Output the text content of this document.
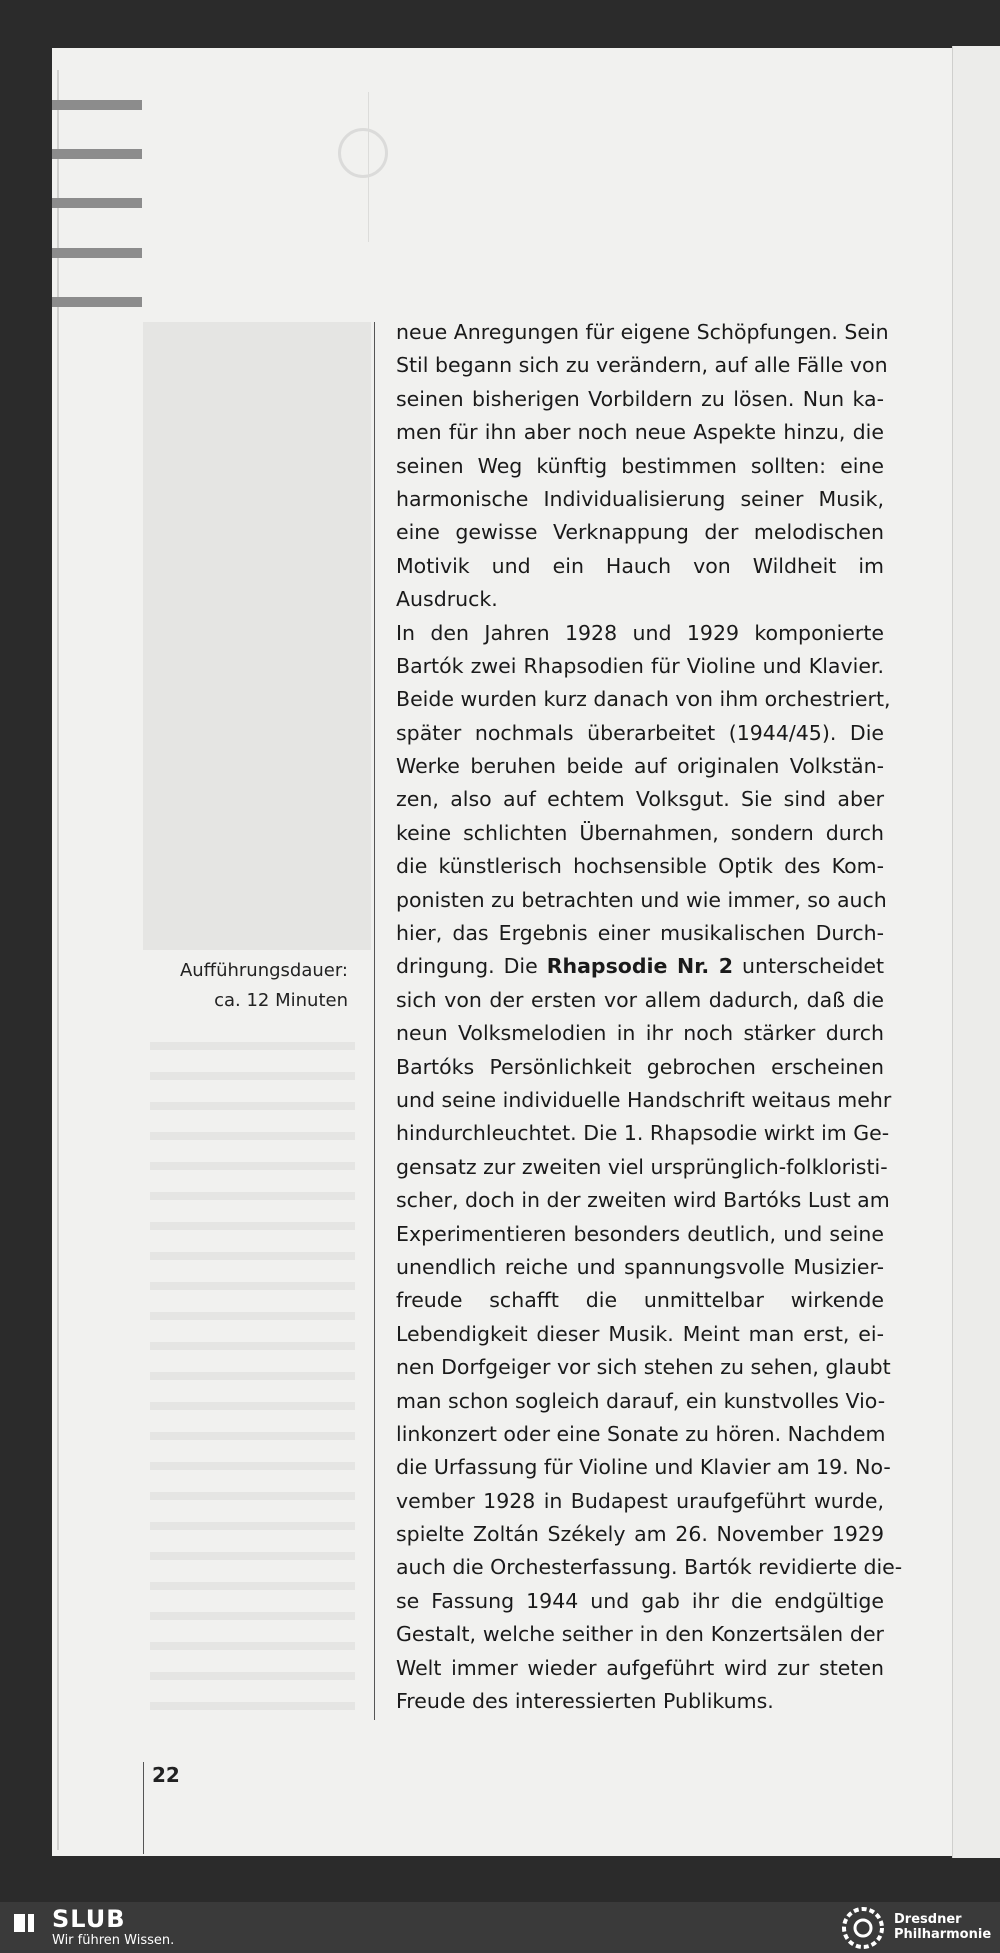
Aufführungsdauer:
ca. 12 Minuten
neue Anregungen für eigene Schöpfungen. Sein
Stil begann sich zu verändern, auf alle Fälle von
seinen bisherigen Vorbildern zu lösen. Nun ka-
men für ihn aber noch neue Aspekte hinzu, die
seinen Weg künftig bestimmen sollten: eine
harmonische Individualisierung seiner Musik,
eine gewisse Verknappung der melodischen
Motivik und ein Hauch von Wildheit im
Ausdruck.
In den Jahren 1928 und 1929 komponierte
Bartók zwei Rhapsodien für Violine und Klavier.
Beide wurden kurz danach von ihm orchestriert,
später nochmals überarbeitet (1944/45). Die
Werke beruhen beide auf originalen Volkstän-
zen, also auf echtem Volksgut. Sie sind aber
keine schlichten Übernahmen, sondern durch
die künstlerisch hochsensible Optik des Kom-
ponisten zu betrachten und wie immer, so auch
hier, das Ergebnis einer musikalischen Durch-
dringung. Die Rhapsodie Nr. 2 unterscheidet
sich von der ersten vor allem dadurch, daß die
neun Volksmelodien in ihr noch stärker durch
Bartóks Persönlichkeit gebrochen erscheinen
und seine individuelle Handschrift weitaus mehr
hindurchleuchtet. Die 1. Rhapsodie wirkt im Ge-
gensatz zur zweiten viel ursprünglich-folkloristi-
scher, doch in der zweiten wird Bartóks Lust am
Experimentieren besonders deutlich, und seine
unendlich reiche und spannungsvolle Musizier-
freude schafft die unmittelbar wirkende
Lebendigkeit dieser Musik. Meint man erst, ei-
nen Dorfgeiger vor sich stehen zu sehen, glaubt
man schon sogleich darauf, ein kunstvolles Vio-
linkonzert oder eine Sonate zu hören. Nachdem
die Urfassung für Violine und Klavier am 19. No-
vember 1928 in Budapest uraufgeführt wurde,
spielte Zoltán Székely am 26. November 1929
auch die Orchesterfassung. Bartók revidierte die-
se Fassung 1944 und gab ihr die endgültige
Gestalt, welche seither in den Konzertsälen der
Welt immer wieder aufgeführt wird zur steten
Freude des interessierten Publikums.
22
SLUB
Wir führen Wissen.
Dresdner
Philharmonie
